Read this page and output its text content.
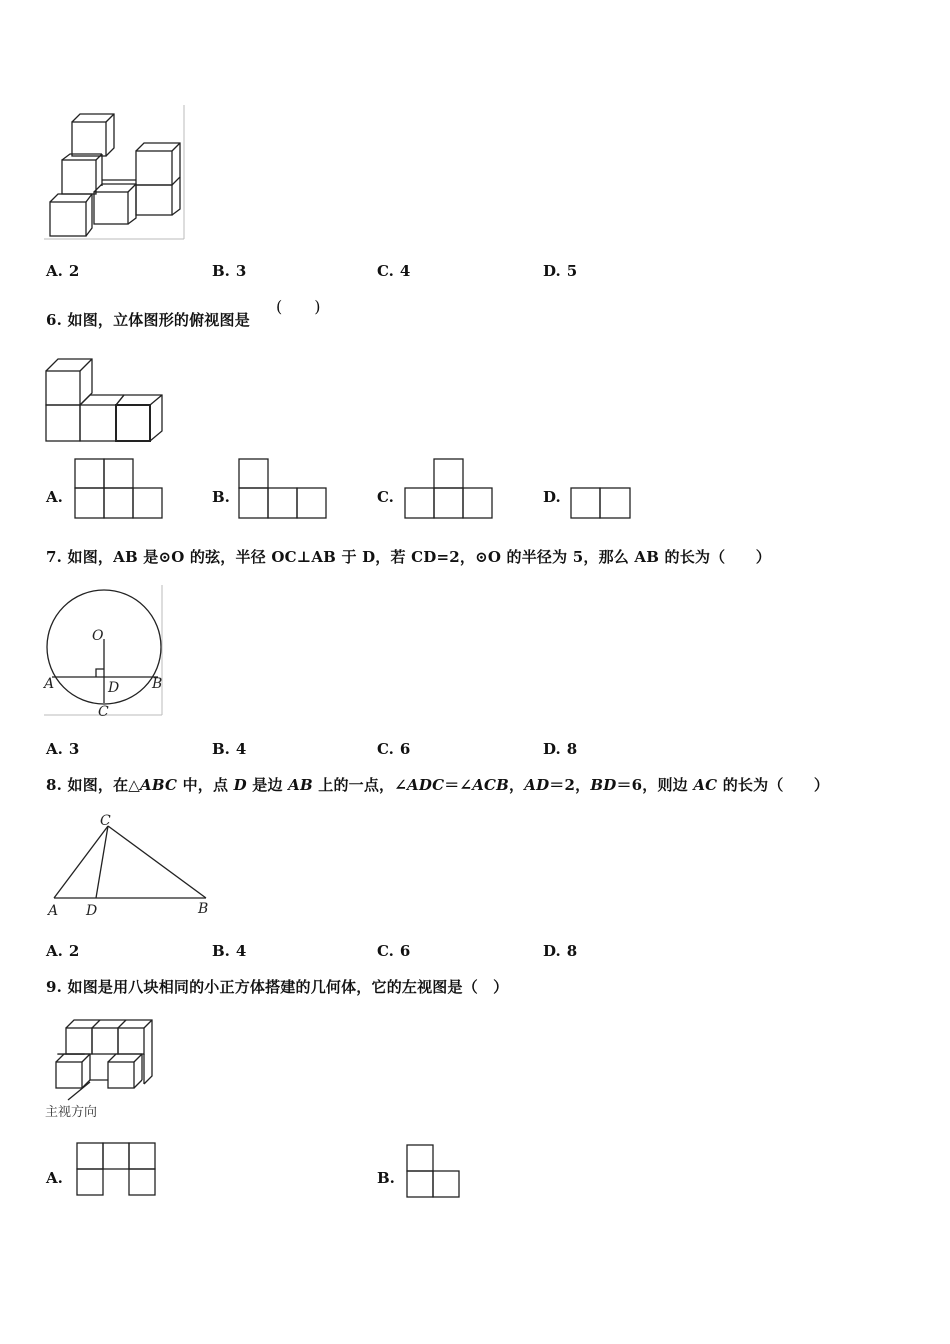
A. 2	B. 3	C. 4	D. 5
6. 如图，立体图形的俯视图是
(　　)
A.	B.	C.	D.
7. 如图，AB 是⊙O 的弦，半径 OC⊥AB 于 D，若 CD=2，⊙O 的半径为 5，那么 AB 的长为（　　）
O
A	B
D
C
A. 3	B. 4	C. 6	D. 8
8. 如图，在△ABC 中，点 D 是边 AB 上的一点，∠ADC＝∠ACB，AD＝2，BD＝6，则边 AC 的长为（　　）
C
A D	B
A. 2	B. 4	C. 6	D. 8
9. 如图是用八块相同的小正方体搭建的几何体，它的左视图是（　）
主视方向
A.	B.
